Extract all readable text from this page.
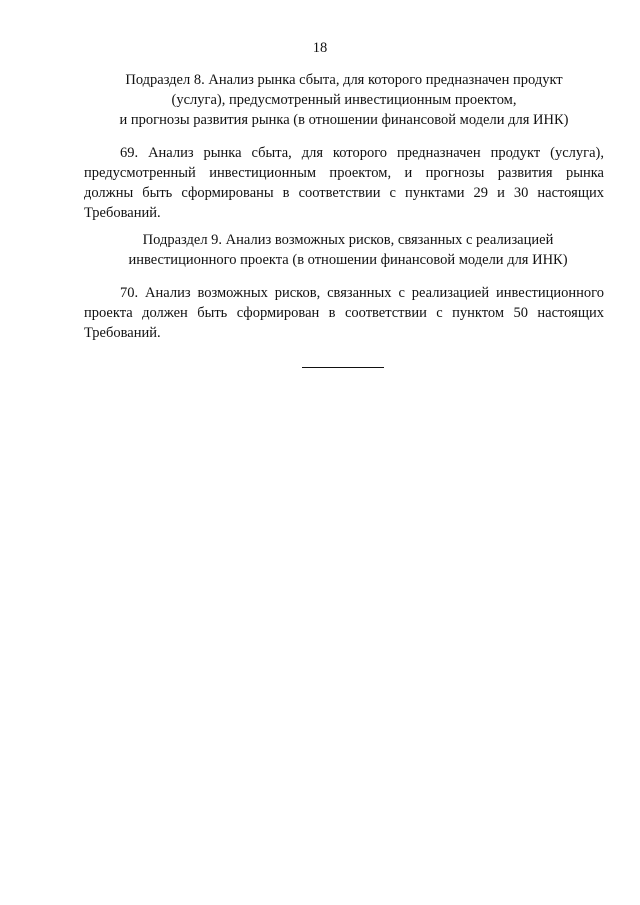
18
Подраздел 8. Анализ рынка сбыта, для которого предназначен продукт
(услуга), предусмотренный инвестиционным проектом,
и прогнозы развития рынка (в отношении финансовой модели для ИНК)
69. Анализ рынка сбыта, для которого предназначен продукт (услуга),
предусмотренный инвестиционным проектом, и прогнозы развития рынка
должны быть сформированы в соответствии с пунктами 29 и 30 настоящих
Требований.
Подраздел 9. Анализ возможных рисков, связанных с реализацией
инвестиционного проекта (в отношении финансовой модели для ИНК)
70. Анализ возможных рисков, связанных с реализацией инвестиционного
проекта должен быть сформирован в соответствии с пунктом 50 настоящих
Требований.
